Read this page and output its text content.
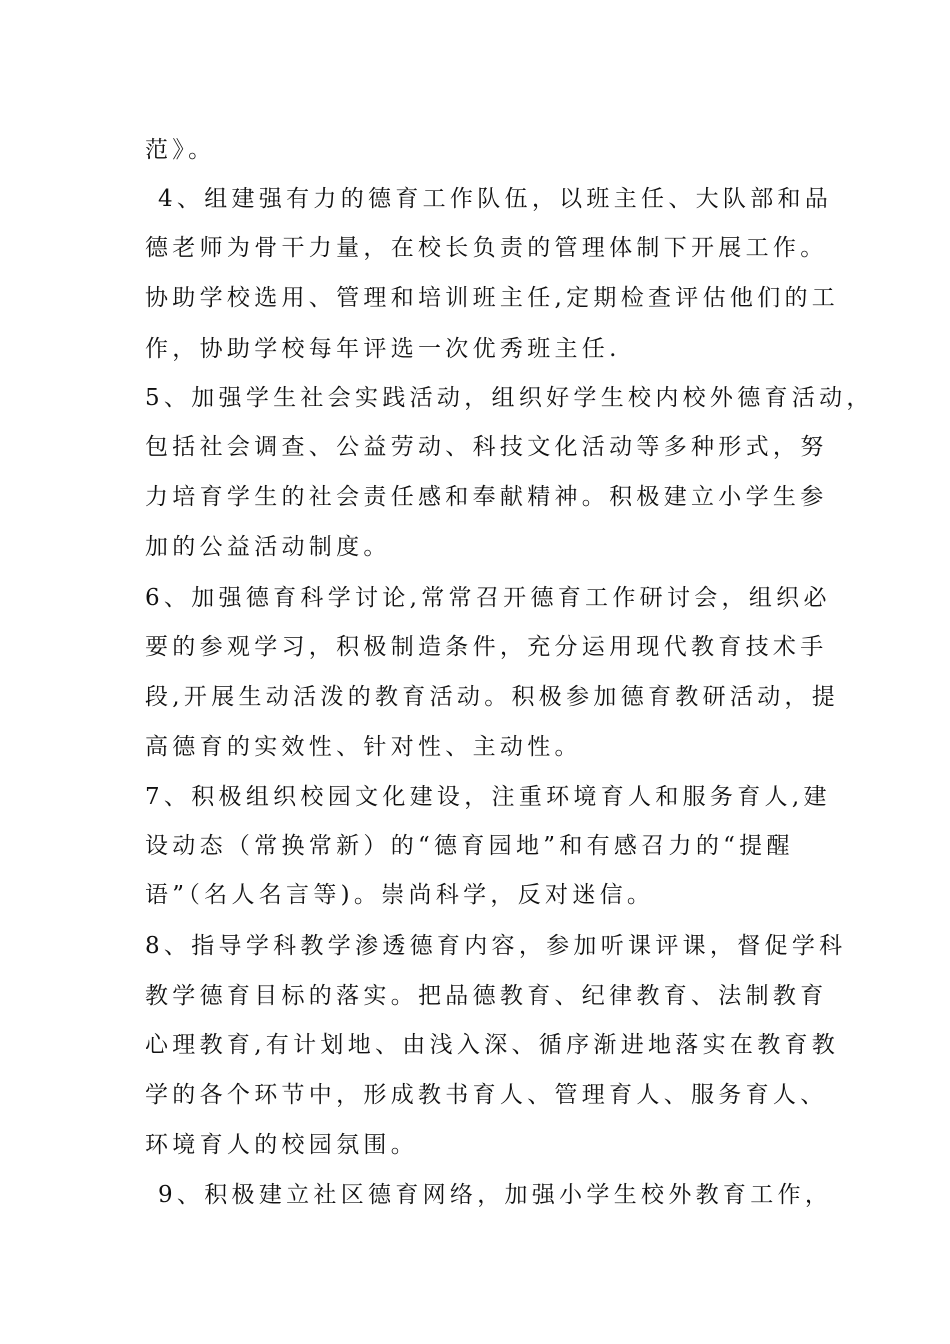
范》。
4、组建强有力的德育工作队伍，以班主任、大队部和品
德老师为骨干力量，在校长负责的管理体制下开展工作。
协助学校选用、管理和培训班主任,定期检查评估他们的工
作，协助学校每年评选一次优秀班主任.
5、加强学生社会实践活动，组织好学生校内校外德育活动，
包括社会调查、公益劳动、科技文化活动等多种形式，努
力培育学生的社会责任感和奉献精神。积极建立小学生参
加的公益活动制度。
6、加强德育科学讨论,常常召开德育工作研讨会，组织必
要的参观学习，积极制造条件，充分运用现代教育技术手
段,开展生动活泼的教育活动。积极参加德育教研活动，提
高德育的实效性、针对性、主动性。
7、积极组织校园文化建设，注重环境育人和服务育人,建
设动态（常换常新）的“德育园地”和有感召力的“提醒
语”（名人名言等)。崇尚科学，反对迷信。
8、指导学科教学渗透德育内容，参加听课评课，督促学科
教学德育目标的落实。把品德教育、纪律教育、法制教育
心理教育,有计划地、由浅入深、循序渐进地落实在教育教
学的各个环节中，形成教书育人、管理育人、服务育人、
环境育人的校园氛围。
9、积极建立社区德育网络，加强小学生校外教育工作，
